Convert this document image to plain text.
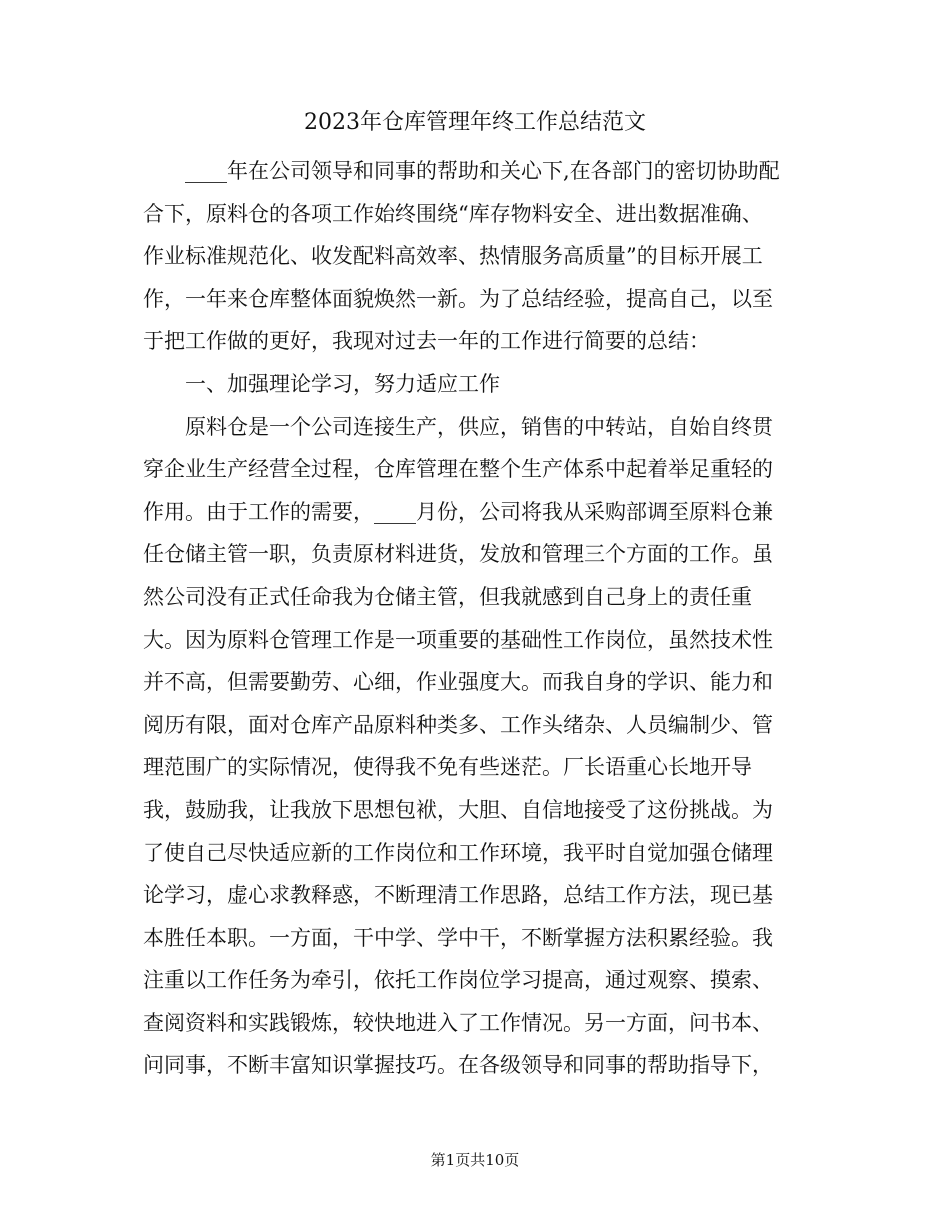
2023年仓库管理年终工作总结范文
____年在公司领导和同事的帮助和关心下,在各部门的密切协助配
合下，原料仓的各项工作始终围绕“库存物料安全、进出数据准确、
作业标准规范化、收发配料高效率、热情服务高质量”的目标开展工
作，一年来仓库整体面貌焕然一新。为了总结经验，提高自己，以至
于把工作做的更好，我现对过去一年的工作进行简要的总结：
一、加强理论学习，努力适应工作
原料仓是一个公司连接生产，供应，销售的中转站，自始自终贯
穿企业生产经营全过程，仓库管理在整个生产体系中起着举足重轻的
作用。由于工作的需要，____月份，公司将我从采购部调至原料仓兼
任仓储主管一职，负责原材料进货，发放和管理三个方面的工作。虽
然公司没有正式任命我为仓储主管，但我就感到自己身上的责任重
大。因为原料仓管理工作是一项重要的基础性工作岗位，虽然技术性
并不高，但需要勤劳、心细，作业强度大。而我自身的学识、能力和
阅历有限，面对仓库产品原料种类多、工作头绪杂、人员编制少、管
理范围广的实际情况，使得我不免有些迷茫。厂长语重心长地开导
我，鼓励我，让我放下思想包袱，大胆、自信地接受了这份挑战。为
了使自己尽快适应新的工作岗位和工作环境，我平时自觉加强仓储理
论学习，虚心求教释惑，不断理清工作思路，总结工作方法，现已基
本胜任本职。一方面，干中学、学中干，不断掌握方法积累经验。我
注重以工作任务为牵引，依托工作岗位学习提高，通过观察、摸索、
查阅资料和实践锻炼，较快地进入了工作情况。另一方面，问书本、
问同事，不断丰富知识掌握技巧。在各级领导和同事的帮助指导下，
第1页共10页
